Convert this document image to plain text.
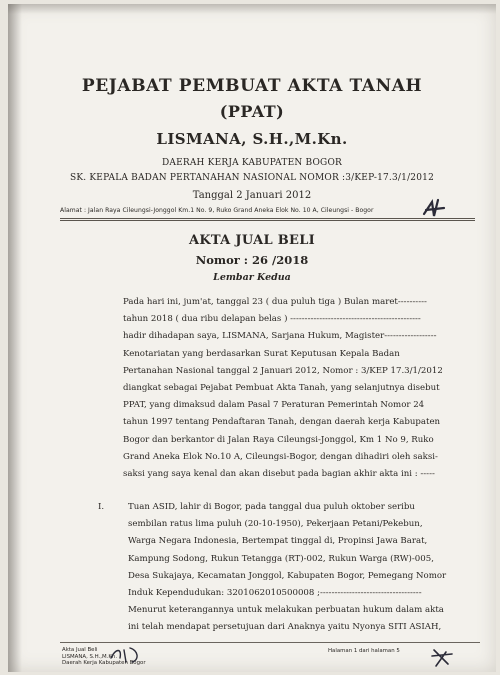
PEJABAT PEMBUAT AKTA TANAH
(PPAT)
LISMANA, S.H.,M.Kn.
DAERAH KERJA KABUPATEN BOGOR
SK. KEPALA BADAN PERTANAHAN NASIONAL NOMOR :3/KEP-17.3/1/2012
Tanggal 2 Januari 2012
Alamat : Jalan Raya Cileungsi-Jonggol Km.1 No. 9, Ruko Grand Aneka Elok No. 10 A, Cileungsi - Bogor
AKTA JUAL BELI
Nomor : 26 /2018
Lembar Kedua
Pada hari ini, jum'at, tanggal 23 ( dua puluh tiga ) Bulan maret----------
tahun 2018 ( dua ribu delapan belas ) ---------------------------------------------
hadir dihadapan saya, LISMANA, Sarjana Hukum, Magister------------------
Kenotariatan yang berdasarkan Surat Keputusan Kepala Badan
Pertanahan Nasional tanggal 2 Januari 2012, Nomor : 3/KEP 17.3/1/2012
diangkat sebagai Pejabat Pembuat Akta Tanah, yang selanjutnya disebut
PPAT, yang dimaksud dalam Pasal 7 Peraturan Pemerintah Nomor 24
tahun 1997 tentang Pendaftaran Tanah, dengan daerah kerja Kabupaten
Bogor dan berkantor di Jalan Raya Cileungsi-Jonggol, Km 1 No 9, Ruko
Grand Aneka Elok No.10 A, Cileungsi-Bogor, dengan dihadiri oleh saksi-
saksi yang saya kenal dan akan disebut pada bagian akhir akta ini : -----
I.	Tuan ASID, lahir di Bogor, pada tanggal dua puluh oktober seribu
sembilan ratus lima puluh (20-10-1950), Pekerjaan Petani/Pekebun,
Warga Negara Indonesia, Bertempat tinggal di, Propinsi Jawa Barat,
Kampung Sodong, Rukun Tetangga (RT)-002, Rukun Warga (RW)-005,
Desa Sukajaya, Kecamatan Jonggol, Kabupaten Bogor, Pemegang Nomor
Induk Kependudukan: 3201062010500008 ;-----------------------------------
Menurut keterangannya untuk melakukan perbuatan hukum dalam akta
ini telah mendapat persetujuan dari Anaknya yaitu Nyonya SITI ASIAH,
Akta Jual Beli
LISMANA, S.H.,M.Kn.
Daerah Kerja Kabupaten Bogor
Halaman 1 dari halaman 5
